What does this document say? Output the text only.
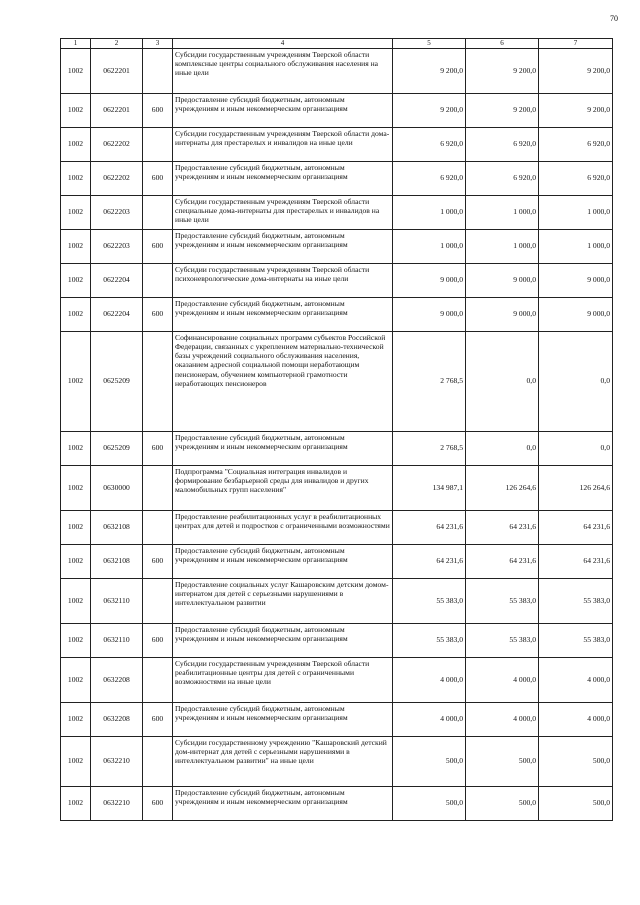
70
1	2	3	4	5	6	7
1002	0622201		Субсидии государственным учреждениям Тверской области комплексные центры социального обслуживания населения на иные цели	9 200,0	9 200,0	9 200,0
1002	0622201	600	Предоставление субсидий бюджетным, автономным учреждениям и иным некоммерческим организациям	9 200,0	9 200,0	9 200,0
1002	0622202		Субсидии государственным учреждениям Тверской области дома-интернаты для престарелых и инвалидов на иные цели	6 920,0	6 920,0	6 920,0
1002	0622202	600	Предоставление субсидий бюджетным, автономным учреждениям и иным некоммерческим организациям	6 920,0	6 920,0	6 920,0
1002	0622203		Субсидии государственным учреждениям Тверской области специальные дома-интернаты для престарелых и инвалидов на иные цели	1 000,0	1 000,0	1 000,0
1002	0622203	600	Предоставление субсидий бюджетным, автономным учреждениям и иным некоммерческим организациям	1 000,0	1 000,0	1 000,0
1002	0622204		Субсидии государственным учреждениям Тверской области психоневрологические дома-интернаты на иные цели	9 000,0	9 000,0	9 000,0
1002	0622204	600	Предоставление субсидий бюджетным, автономным учреждениям и иным некоммерческим организациям	9 000,0	9 000,0	9 000,0
1002	0625209		Софинансирование социальных программ субъектов Российской Федерации, связанных с укреплением материально-технической базы учреждений социального обслуживания населения, оказанием адресной социальной помощи неработающим пенсионерам, обучением компьютерной грамотности неработающих пенсионеров	2 768,5	0,0	0,0
1002	0625209	600	Предоставление субсидий бюджетным, автономным учреждениям и иным некоммерческим организациям	2 768,5	0,0	0,0
1002	0630000		Подпрограмма "Социальная интеграция инвалидов и формирование безбарьерной среды для инвалидов и других маломобильных групп населения"	134 987,1	126 264,6	126 264,6
1002	0632108		Предоставление реабилитационных услуг в реабилитационных центрах для детей и подростков с ограниченными возможностями	64 231,6	64 231,6	64 231,6
1002	0632108	600	Предоставление субсидий бюджетным, автономным учреждениям и иным некоммерческим организациям	64 231,6	64 231,6	64 231,6
1002	0632110		Предоставление социальных услуг Кашаровским детским домом-интернатом для детей с серьезными нарушениями в интеллектуальном развитии	55 383,0	55 383,0	55 383,0
1002	0632110	600	Предоставление субсидий бюджетным, автономным учреждениям и иным некоммерческим организациям	55 383,0	55 383,0	55 383,0
1002	0632208		Субсидии государственным учреждениям Тверской области реабилитационные центры для детей с ограниченными возможностями на иные цели	4 000,0	4 000,0	4 000,0
1002	0632208	600	Предоставление субсидий бюджетным, автономным учреждениям и иным некоммерческим организациям	4 000,0	4 000,0	4 000,0
1002	0632210		Субсидии государственному учреждению "Кашаровский детский дом-интернат для детей с серьезными нарушениями в интеллектуальном развитии" на иные цели	500,0	500,0	500,0
1002	0632210	600	Предоставление субсидий бюджетным, автономным учреждениям и иным некоммерческим организациям	500,0	500,0	500,0
